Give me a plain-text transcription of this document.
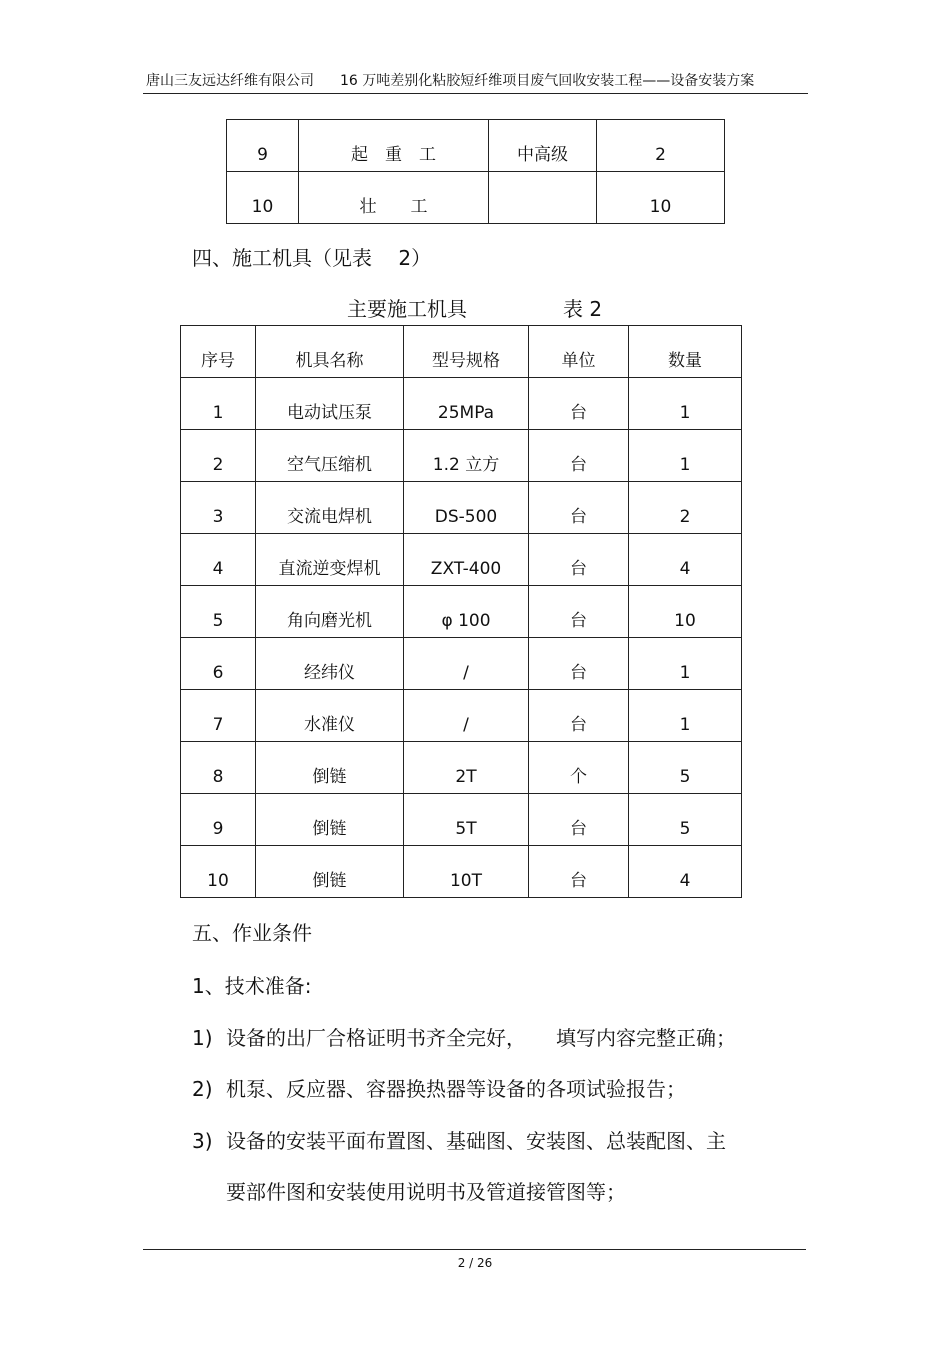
唐山三友远达纤维有限公司 16 万吨差别化粘胶短纤维项目废气回收安装工程——设备安装方案
9	起　重　工	中高级	2
10	壮　　工		10
四、施工机具（见表　 2）
主要施工机具	表 2
序号	机具名称	型号规格	单位	数量
1	电动试压泵	25MPa	台	1
2	空气压缩机	1.2 立方	台	1
3	交流电焊机	DS-500	台	2
4	直流逆变焊机	ZXT-400	台	4
5	角向磨光机	φ 100	台	10
6	经纬仪	/	台	1
7	水准仪	/	台	1
8	倒链	2T	个	5
9	倒链	5T	台	5
10	倒链	10T	台	4
五、作业条件
1、技术准备:
1) 设备的出厂合格证明书齐全完好，　　填写内容完整正确；
2) 机泵、反应器、容器换热器等设备的各项试验报告；
3) 设备的安装平面布置图、基础图、安装图、总装配图、主
要部件图和安装使用说明书及管道接管图等；
2 / 26
